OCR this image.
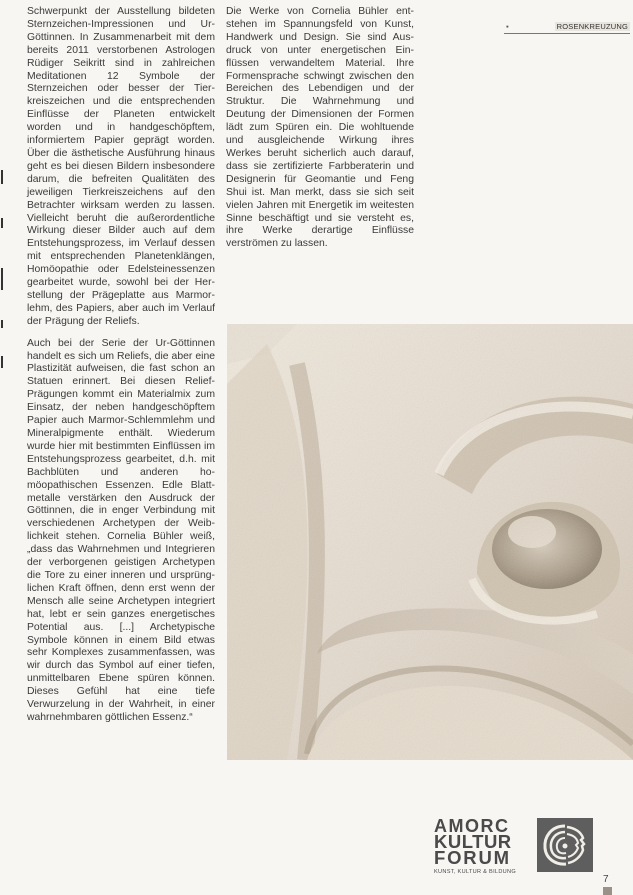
▪	ROSENKREUZUNG

Schwerpunkt der Ausstellung bildeten Sternzeichen-Impressionen und Ur-Göttinnen. In Zusammenarbeit mit dem bereits 2011 verstorbenen Astrologen Rüdiger Seikritt sind in zahlreichen Meditationen 12 Symbole der Sternzeichen oder besser der Tierkreiszeichen und die entsprechenden Einflüsse der Planeten entwickelt worden und in handgeschöpftem, informiertem Papier geprägt worden. Über die ästhetische Ausführung hinaus geht es bei diesen Bildern insbesondere darum, die befreiten Qualitäten des jeweiligen Tierkreiszeichens auf den Betrachter wirksam werden zu lassen. Vielleicht beruht die außerordentliche Wirkung dieser Bilder auch auf dem Entstehungsprozess, im Verlauf dessen mit entsprechenden Planetenklängen, Homöopathie oder Edelsteinessenzen gearbeitet wurde, sowohl bei der Herstellung der Prägeplatte aus Marmorlehm, des Papiers, aber auch im Verlauf der Prägung der Reliefs.

Auch bei der Serie der Ur-Göttinnen handelt es sich um Reliefs, die aber eine Plastizität aufweisen, die fast schon an Statuen erinnert. Bei diesen Relief-Prägungen kommt ein Materialmix zum Einsatz, der neben handgeschöpftem Papier auch Marmor-Schlemmlehm und Mineralpigmente enthält. Wiederum wurde hier mit bestimmten Einflüssen im Entstehungsprozess gearbeitet, d.h. mit Bachblüten und anderen homöopathischen Essenzen. Edle Blattmetalle verstärken den Ausdruck der Göttinnen, die in enger Verbindung mit verschiedenen Archetypen der Weiblichkeit stehen. Cornelia Bühler weiß, „dass das Wahrnehmen und Integrieren der verborgenen geistigen Archetypen die Tore zu einer inneren und ursprünglichen Kraft öffnen, denn erst wenn der Mensch alle seine Archetypen integriert hat, lebt er sein ganzes energetisches Potential aus. [...] Archetypische Symbole können in einem Bild etwas sehr Komplexes zusammenfassen, was wir durch das Symbol auf einer tiefen, unmittelbaren Ebene spüren können. Dieses Gefühl hat eine tiefe Verwurzelung in der Wahrheit, in einer wahrnehmbaren göttlichen Essenz.“

Die Werke von Cornelia Bühler entstehen im Spannungsfeld von Kunst, Handwerk und Design. Sie sind Ausdruck von unter energetischen Einflüssen verwandeltem Material. Ihre Formensprache schwingt zwischen den Bereichen des Lebendigen und der Struktur. Die Wahrnehmung und Deutung der Dimensionen der Formen lädt zum Spüren ein. Die wohltuende und ausgleichende Wirkung ihres Werkes beruht sicherlich auch darauf, dass sie zertifizierte Farbberaterin und Designerin für Geomantie und Feng Shui ist. Man merkt, dass sie sich seit vielen Jahren mit Energetik im weitesten Sinne beschäftigt und sie versteht es, ihre Werke derartige Einflüsse verströmen zu lassen.

AMORC
KULTUR
FORUM
KUNST, KULTUR & BILDUNG
7
